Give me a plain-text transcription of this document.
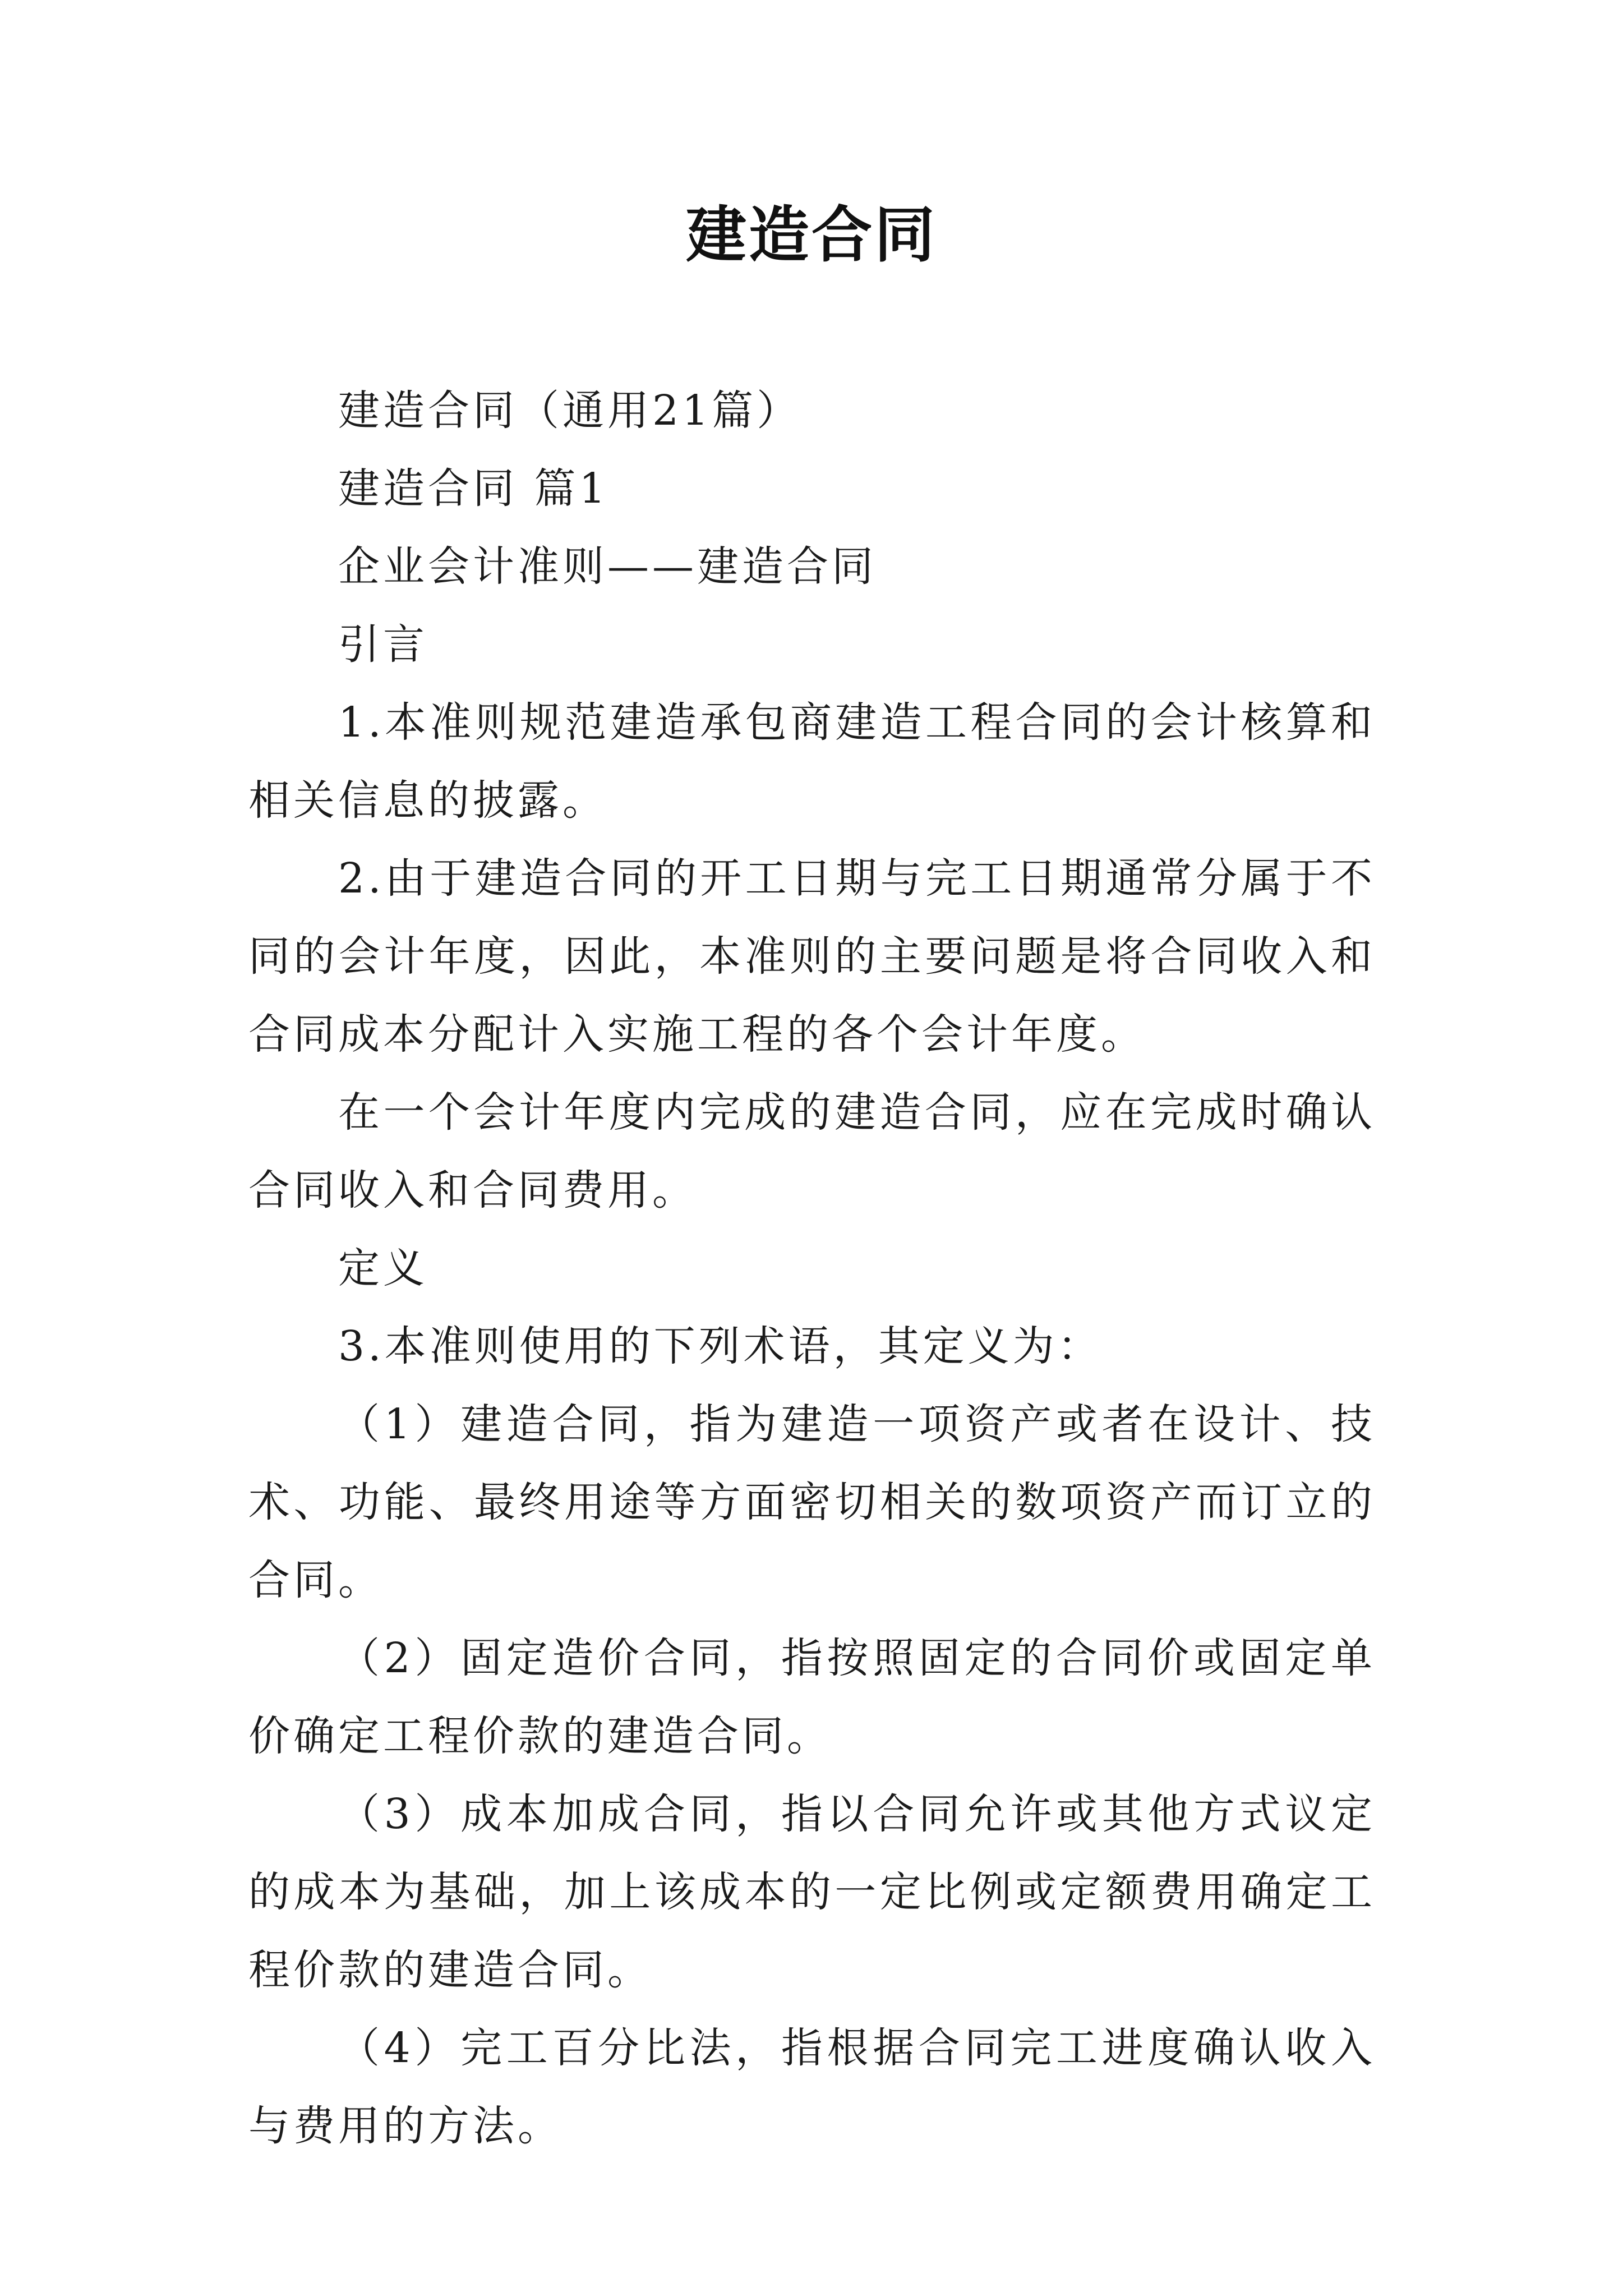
建造合同

建造合同（通用21篇）

建造合同 篇1

企业会计准则——建造合同

引言

1.本准则规范建造承包商建造工程合同的会计核算和相关信息的披露。

2.由于建造合同的开工日期与完工日期通常分属于不同的会计年度，因此，本准则的主要问题是将合同收入和合同成本分配计入实施工程的各个会计年度。

在一个会计年度内完成的建造合同，应在完成时确认合同收入和合同费用。

定义

3.本准则使用的下列术语，其定义为：

（1）建造合同，指为建造一项资产或者在设计、技术、功能、最终用途等方面密切相关的数项资产而订立的合同。

（2）固定造价合同，指按照固定的合同价或固定单价确定工程价款的建造合同。

（3）成本加成合同，指以合同允许或其他方式议定的成本为基础，加上该成本的一定比例或定额费用确定工程价款的建造合同。

（4）完工百分比法，指根据合同完工进度确认收入与费用的方法。
